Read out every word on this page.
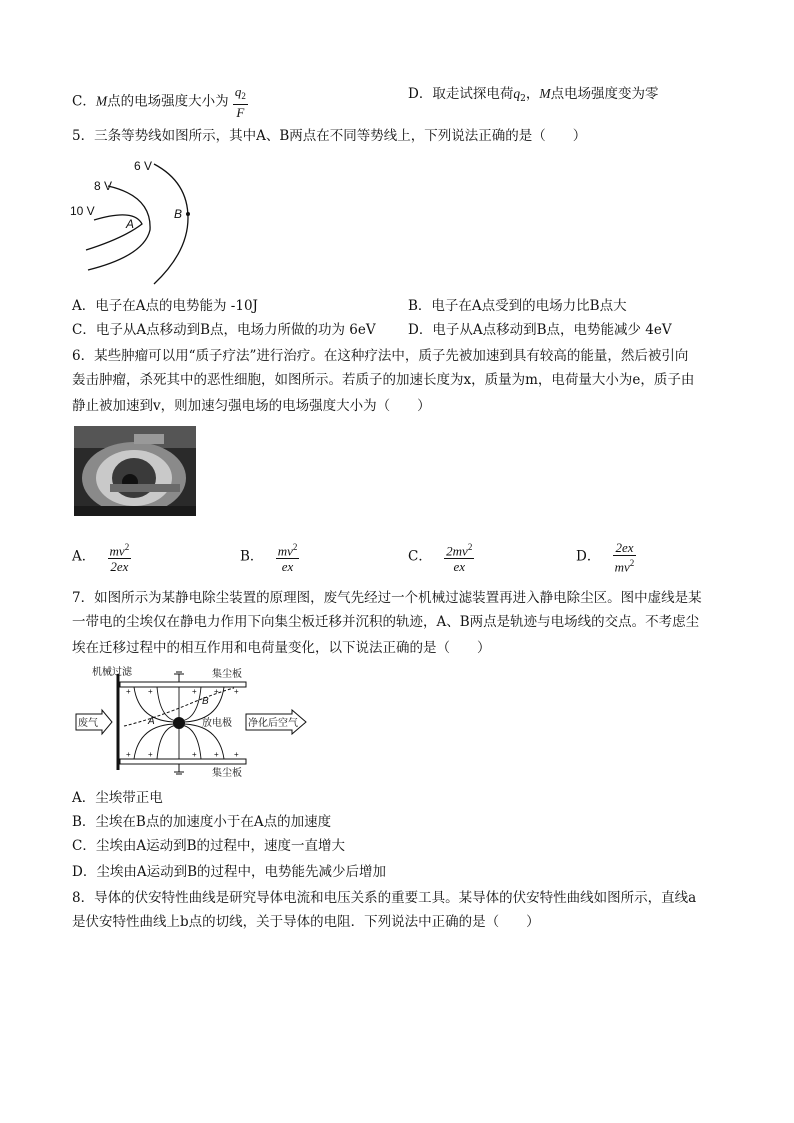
C．M点的电场强度大小为 $\frac{q_2}{F}$	D．取走试探电荷$q_2$，M点电场强度变为零
5．三条等势线如图所示，其中A、B两点在不同等势线上，下列说法正确的是（　　）
6 V
8 V
10 V
A
B
A．电子在A点的电势能为 -10J	B．电子在A点受到的电场力比B点大
C．电子从A点移动到B点，电场力所做的功为 6eV D．电子从A点移动到B点，电势能减少 4eV
6．某些肿瘤可以用“质子疗法”进行治疗。在这种疗法中，质子先被加速到具有较高的能量，然后被引向
轰击肿瘤，杀死其中的恶性细胞，如图所示。若质子的加速长度为x，质量为m，电荷量大小为e，质子由
静止被加速到v，则加速匀强电场的电场强度大小为（　　）
A． $\frac{mv^2}{2ex}$	B． $\frac{mv^2}{ex}$	C． $\frac{2mv^2}{ex}$	D． $\frac{2ex}{mv^2}$
7．如图所示为某静电除尘装置的原理图，废气先经过一个机械过滤装置再进入静电除尘区。图中虚线是某
一带电的尘埃仅在静电力作用下向集尘板迁移并沉积的轨迹，A、B两点是轨迹与电场线的交点。不考虑尘
埃在迁移过程中的相互作用和电荷量变化，以下说法正确的是（　　）
+ +	+ + +
+ +	+ + +
机械过滤	集尘板
集尘板
废气	放电极 净化后空气
A
B
A．尘埃带正电
B．尘埃在B点的加速度小于在A点的加速度
C．尘埃由A运动到B的过程中，速度一直增大
D．尘埃由A运动到B的过程中，电势能先减少后增加
8．导体的伏安特性曲线是研究导体电流和电压关系的重要工具。某导体的伏安特性曲线如图所示，直线a
是伏安特性曲线上b点的切线，关于导体的电阻．下列说法中正确的是（　　）
